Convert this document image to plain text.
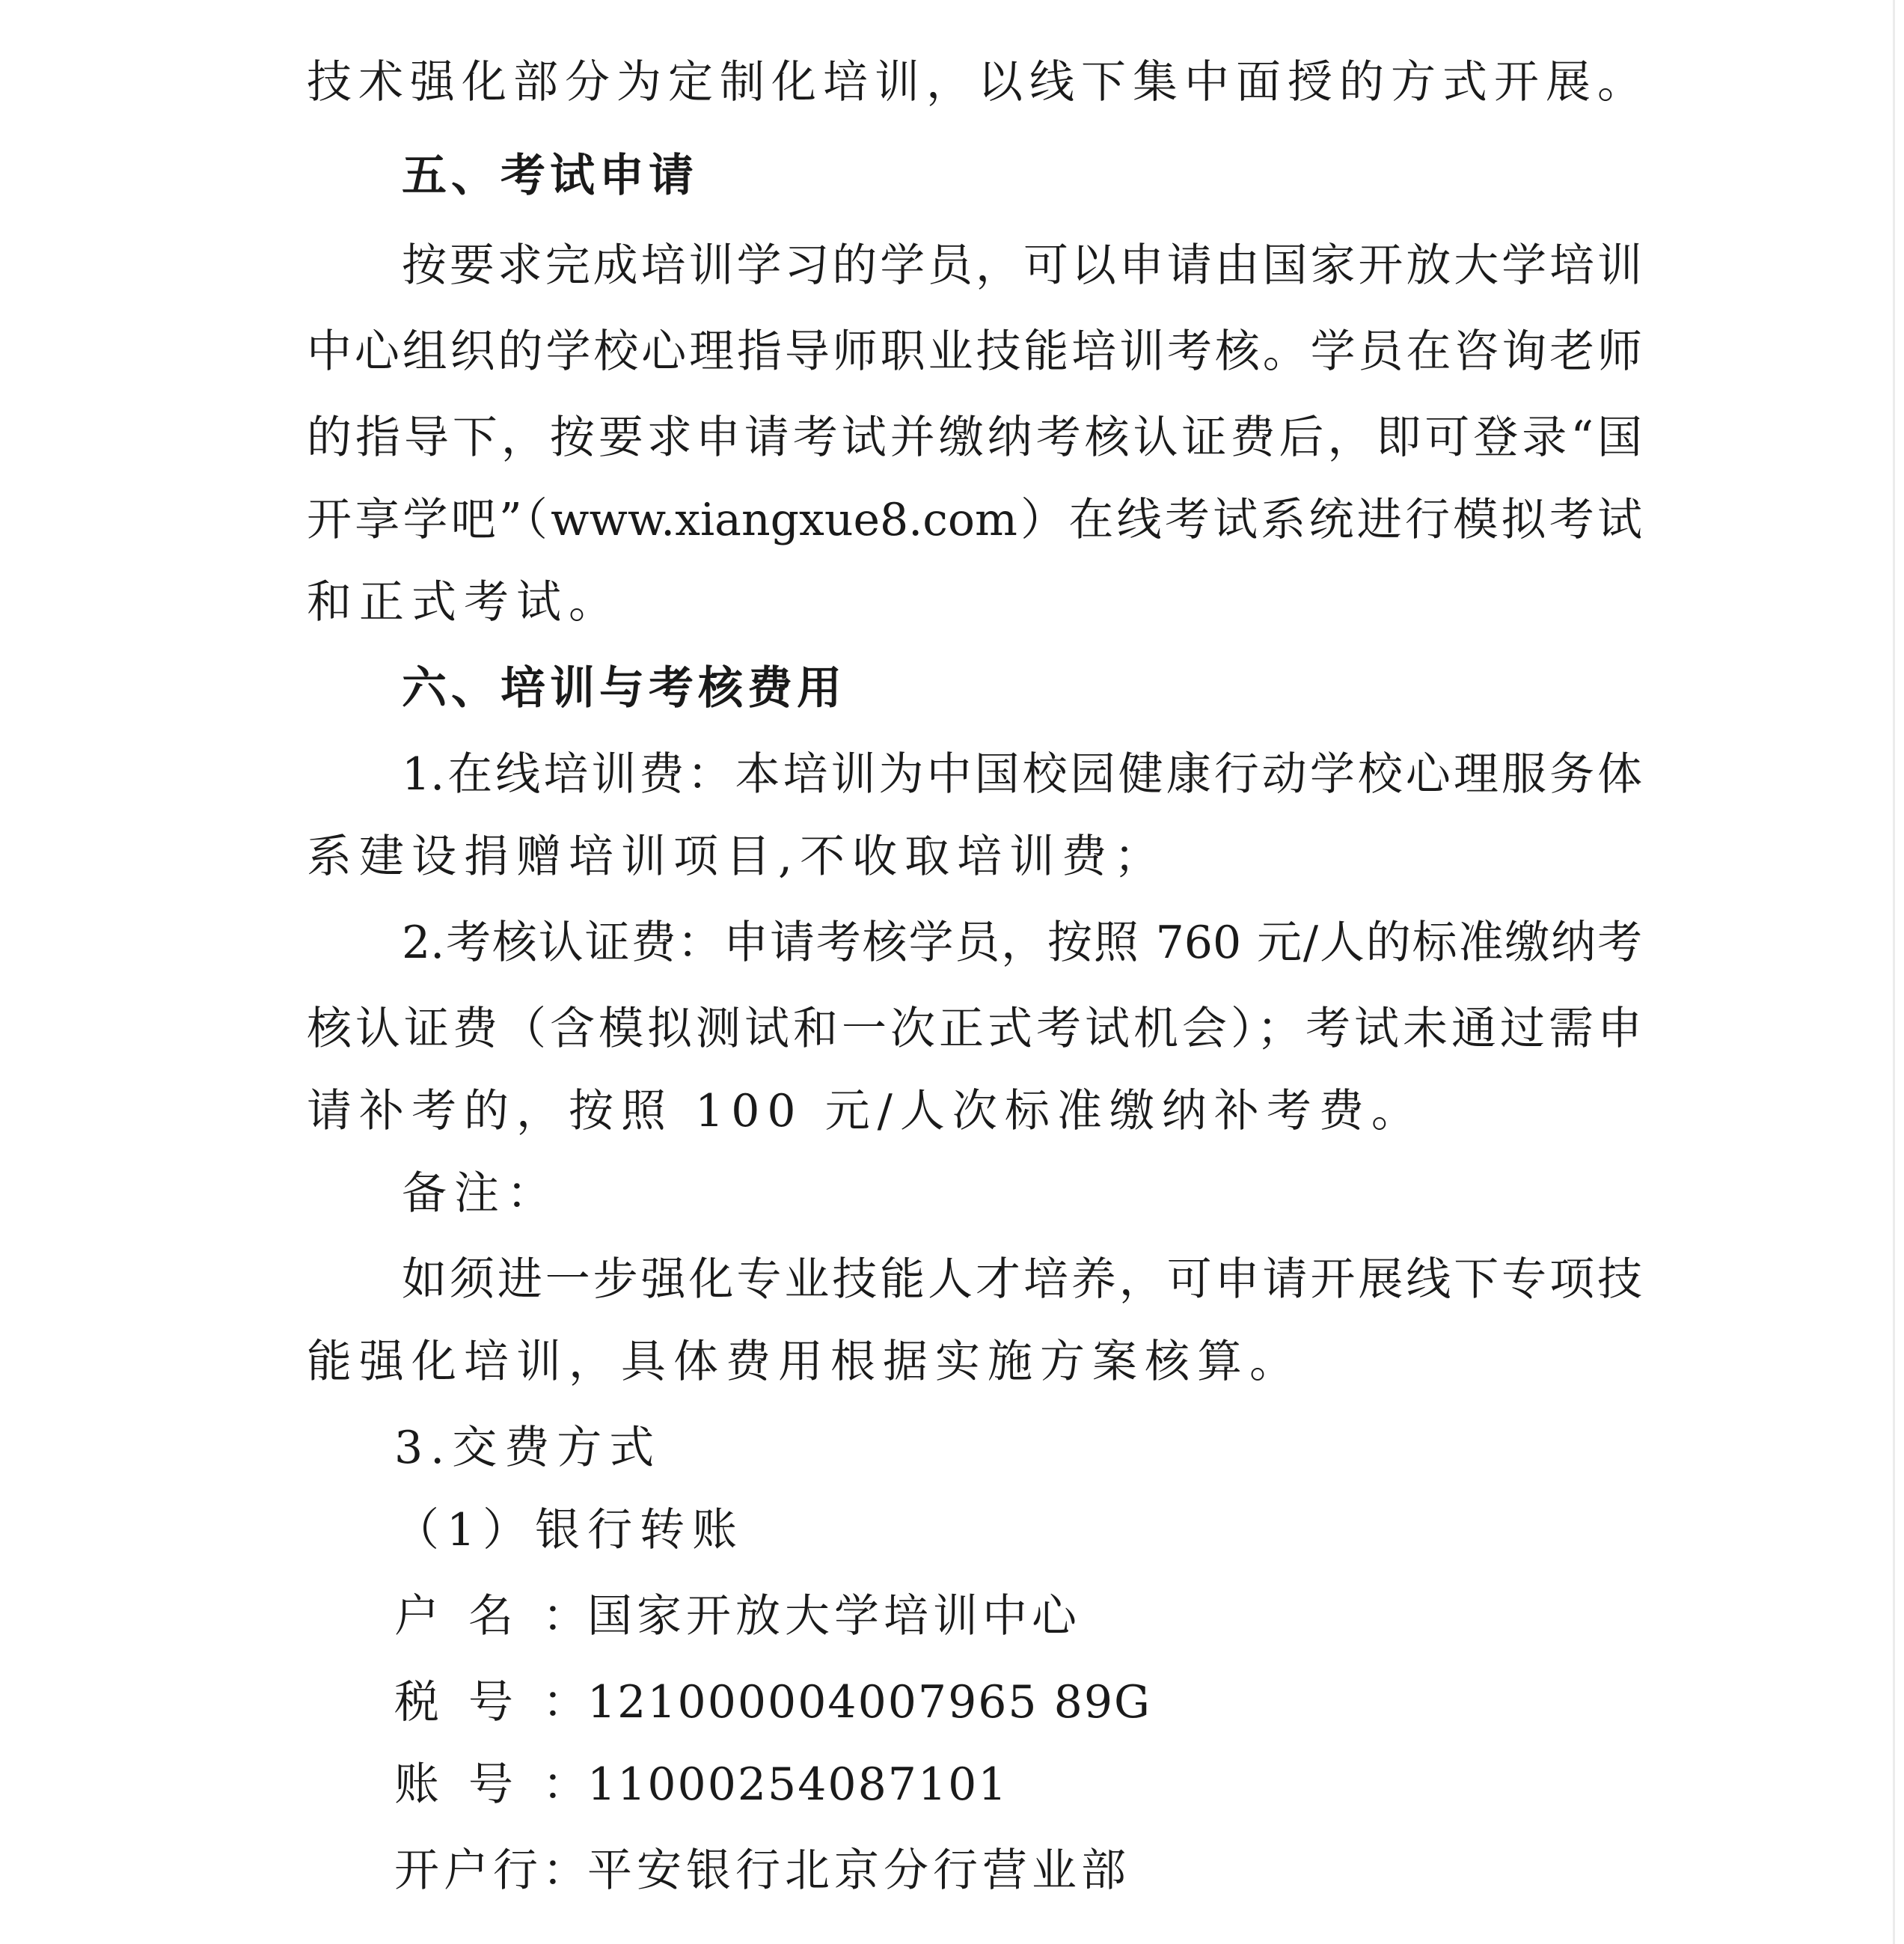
技术强化部分为定制化培训，以线下集中面授的方式开展。
五、考试申请
按要求完成培训学习的学员，可以申请由国家开放大学培训
中心组织的学校心理指导师职业技能培训考核。学员在咨询老师
的指导下，按要求申请考试并缴纳考核认证费后，即可登录“国
开享学吧”（www.xiangxue8.com）在线考试系统进行模拟考试
和正式考试。
六、培训与考核费用
1.在线培训费：本培训为中国校园健康行动学校心理服务体
系建设捐赠培训项目,不收取培训费；
2.考核认证费：申请考核学员，按照 760 元/人的标准缴纳考
核认证费（含模拟测试和一次正式考试机会）；考试未通过需申
请补考的，按照 100 元/人次标准缴纳补考费。
备注：
如须进一步强化专业技能人才培养，可申请开展线下专项技
能强化培训，具体费用根据实施方案核算。
3.交费方式
（1）银行转账
户名：国家开放大学培训中心
税号：121000004007965 89G
账号：11000254087101
开户行：平安银行北京分行营业部
